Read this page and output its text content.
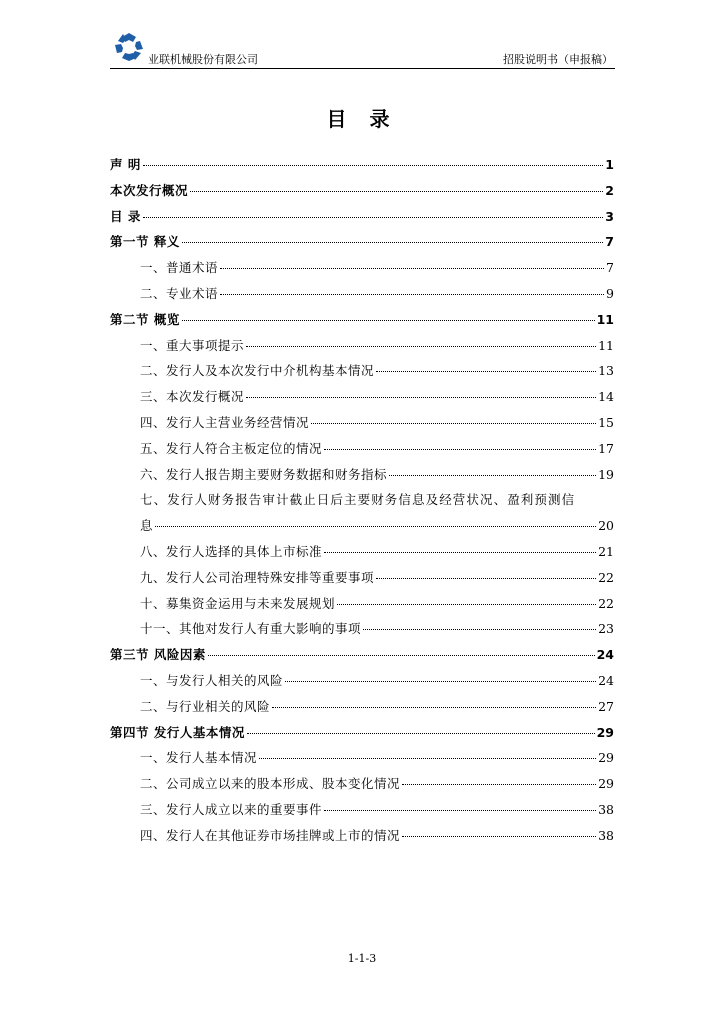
业联机械股份有限公司	招股说明书（申报稿）
目 录
声 明	1
本次发行概况	2
目 录	3
第一节 释义	7
一、普通术语	7
二、专业术语	9
第二节 概览	11
一、重大事项提示	11
二、发行人及本次发行中介机构基本情况	13
三、本次发行概况	14
四、发行人主营业务经营情况	15
五、发行人符合主板定位的情况	17
六、发行人报告期主要财务数据和财务指标	19
七、发行人财务报告审计截止日后主要财务信息及经营状况、盈利预测信
息	20
八、发行人选择的具体上市标准	21
九、发行人公司治理特殊安排等重要事项	22
十、募集资金运用与未来发展规划	22
十一、其他对发行人有重大影响的事项	23
第三节 风险因素	24
一、与发行人相关的风险	24
二、与行业相关的风险	27
第四节 发行人基本情况	29
一、发行人基本情况	29
二、公司成立以来的股本形成、股本变化情况	29
三、发行人成立以来的重要事件	38
四、发行人在其他证券市场挂牌或上市的情况	38
1-1-3
